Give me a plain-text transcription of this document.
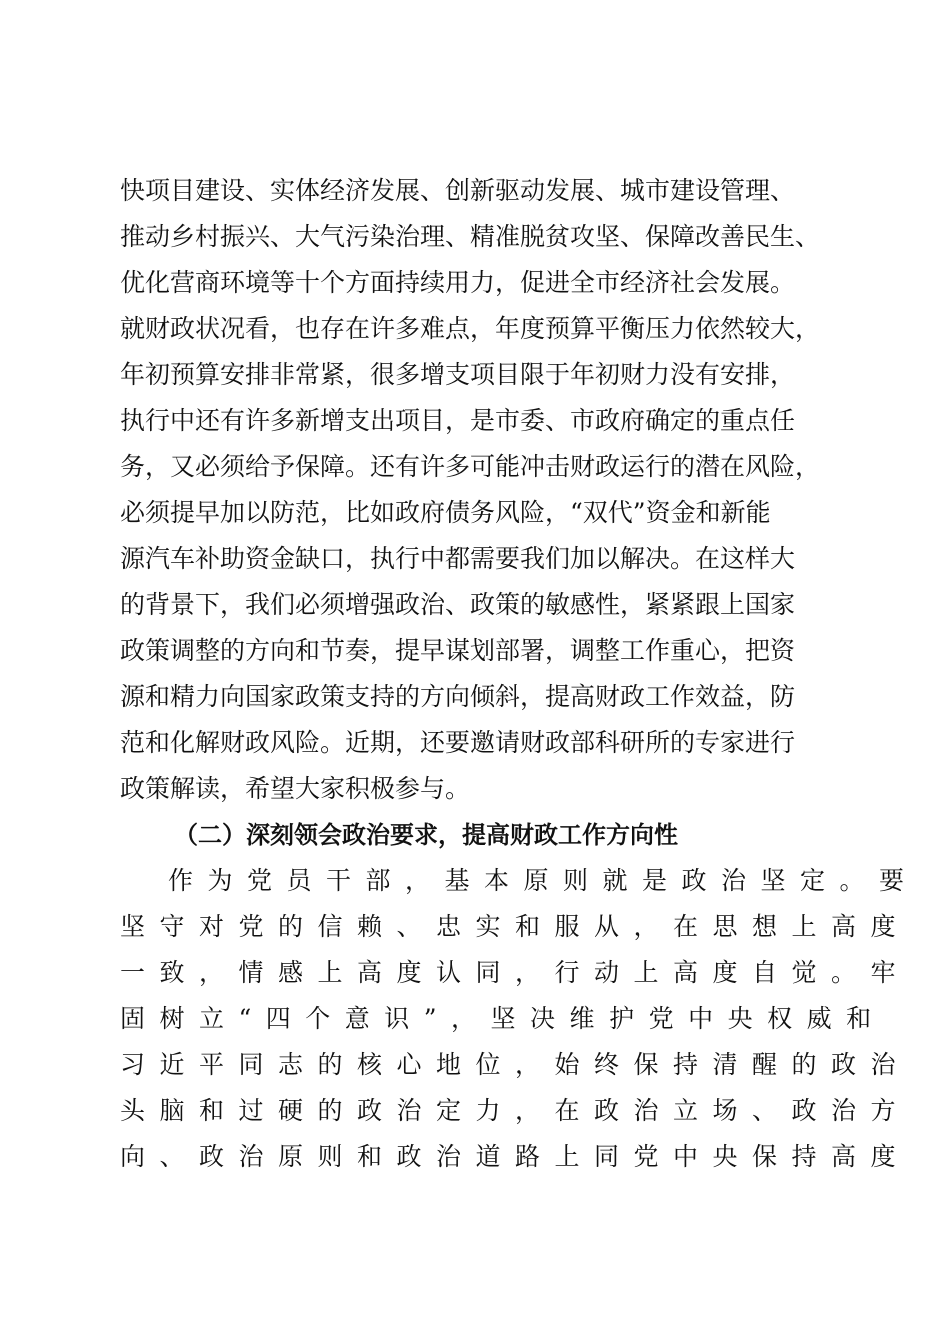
快项目建设、实体经济发展、创新驱动发展、城市建设管理、
推动乡村振兴、大气污染治理、精准脱贫攻坚、保障改善民生、
优化营商环境等十个方面持续用力，促进全市经济社会发展。
就财政状况看，也存在许多难点，年度预算平衡压力依然较大，
年初预算安排非常紧，很多增支项目限于年初财力没有安排，
执行中还有许多新增支出项目，是市委、市政府确定的重点任
务，又必须给予保障。还有许多可能冲击财政运行的潜在风险，
必须提早加以防范，比如政府债务风险，“双代”资金和新能
源汽车补助资金缺口，执行中都需要我们加以解决。在这样大
的背景下，我们必须增强政治、政策的敏感性，紧紧跟上国家
政策调整的方向和节奏，提早谋划部署，调整工作重心，把资
源和精力向国家政策支持的方向倾斜，提高财政工作效益，防
范和化解财政风险。近期，还要邀请财政部科研所的专家进行
政策解读，希望大家积极参与。
（二）深刻领会政治要求，提高财政工作方向性
作为党员干部，基本原则就是政治坚定。要
坚守对党的信赖、忠实和服从，在思想上高度
一致，情感上高度认同，行动上高度自觉。牢
固树立“四个意识”，坚决维护党中央权威和
习近平同志的核心地位，始终保持清醒的政治
头脑和过硬的政治定力，在政治立场、政治方
向、政治原则和政治道路上同党中央保持高度
